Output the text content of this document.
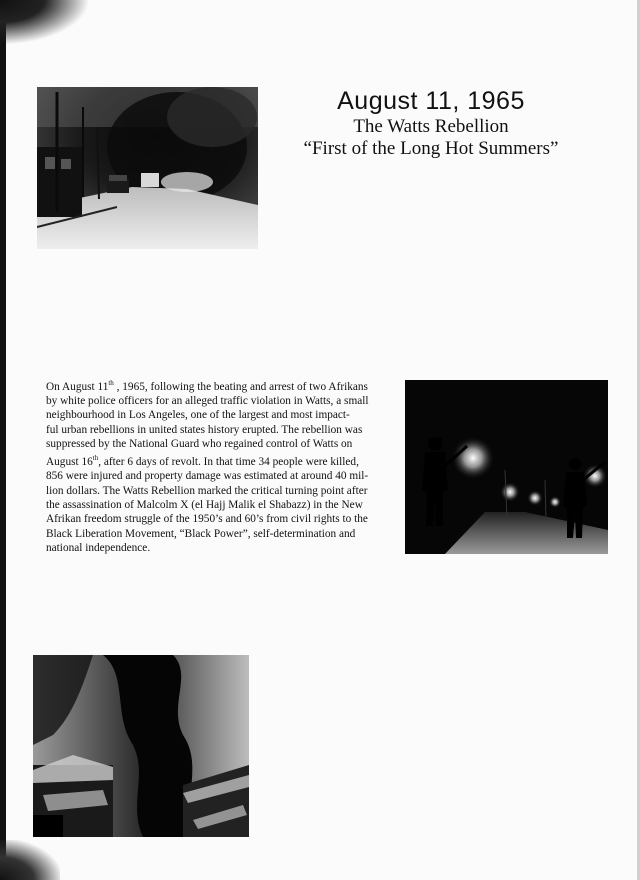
August 11, 1965
The Watts Rebellion
“First of the Long Hot Summers”

On August 11th , 1965, following the beating and arrest of two Afrikans
by white police officers for an alleged traffic violation in Watts, a small
neighbourhood in Los Angeles, one of the largest and most impact-
ful urban rebellions in united states history erupted. The rebellion was
suppressed by the National Guard who regained control of Watts on
August 16th, after 6 days of revolt. In that time 34 people were killed,
856 were injured and property damage was estimated at around 40 mil-
lion dollars. The Watts Rebellion marked the critical turning point after
the assassination of Malcolm X (el Hajj Malik el Shabazz) in the New
Afrikan freedom struggle of the 1950’s and 60’s from civil rights to the
Black Liberation Movement, “Black Power”, self-determination and
national independence.
